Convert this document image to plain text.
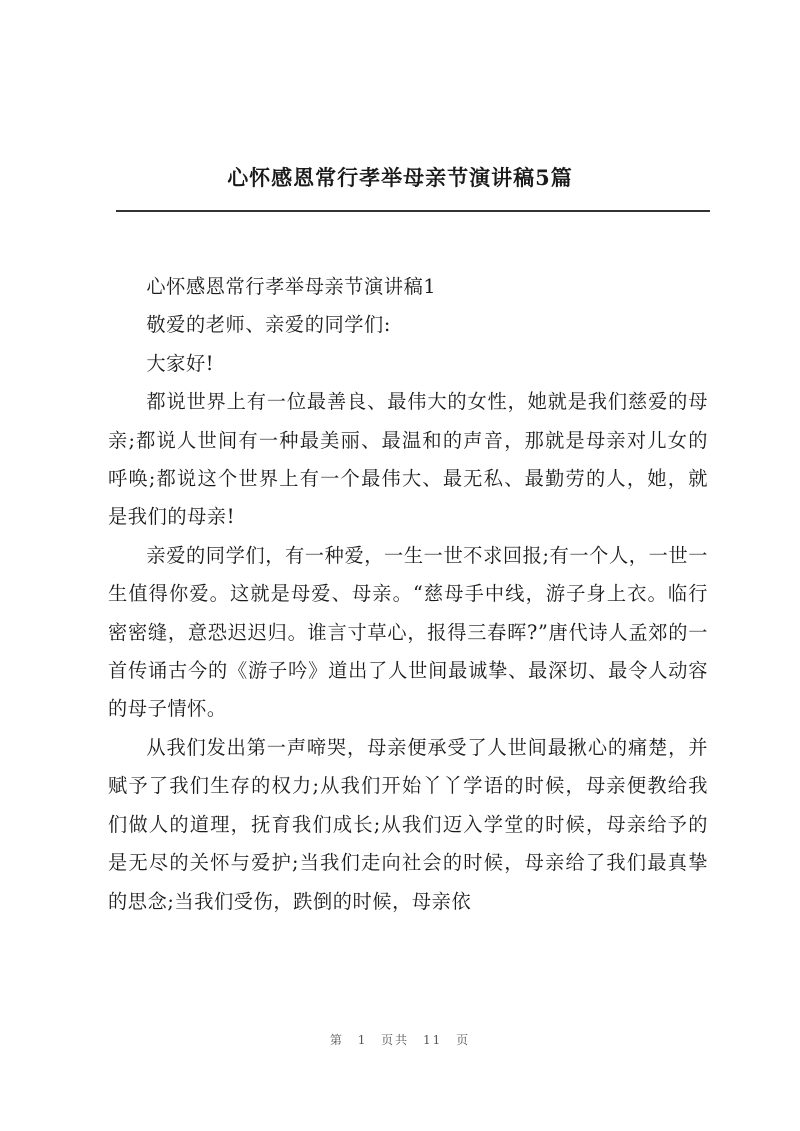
心怀感恩常行孝举母亲节演讲稿5篇

心怀感恩常行孝举母亲节演讲稿1

敬爱的老师、亲爱的同学们:

大家好!

都说世界上有一位最善良、最伟大的女性，她就是我们慈爱的母亲;都说人世间有一种最美丽、最温和的声音，那就是母亲对儿女的呼唤;都说这个世界上有一个最伟大、最无私、最勤劳的人，她，就是我们的母亲!

亲爱的同学们，有一种爱，一生一世不求回报;有一个人，一世一生值得你爱。这就是母爱、母亲。“慈母手中线，游子身上衣。临行密密缝，意恐迟迟归。谁言寸草心，报得三春晖?”唐代诗人孟郊的一首传诵古今的《游子吟》道出了人世间最诚挚、最深切、最令人动容的母子情怀。

从我们发出第一声啼哭，母亲便承受了人世间最揪心的痛楚，并赋予了我们生存的权力;从我们开始丫丫学语的时候，母亲便教给我们做人的道理，抚育我们成长;从我们迈入学堂的时候，母亲给予的是无尽的关怀与爱护;当我们走向社会的时候，母亲给了我们最真挚的思念;当我们受伤，跌倒的时候，母亲依

第 1 页共 11 页
